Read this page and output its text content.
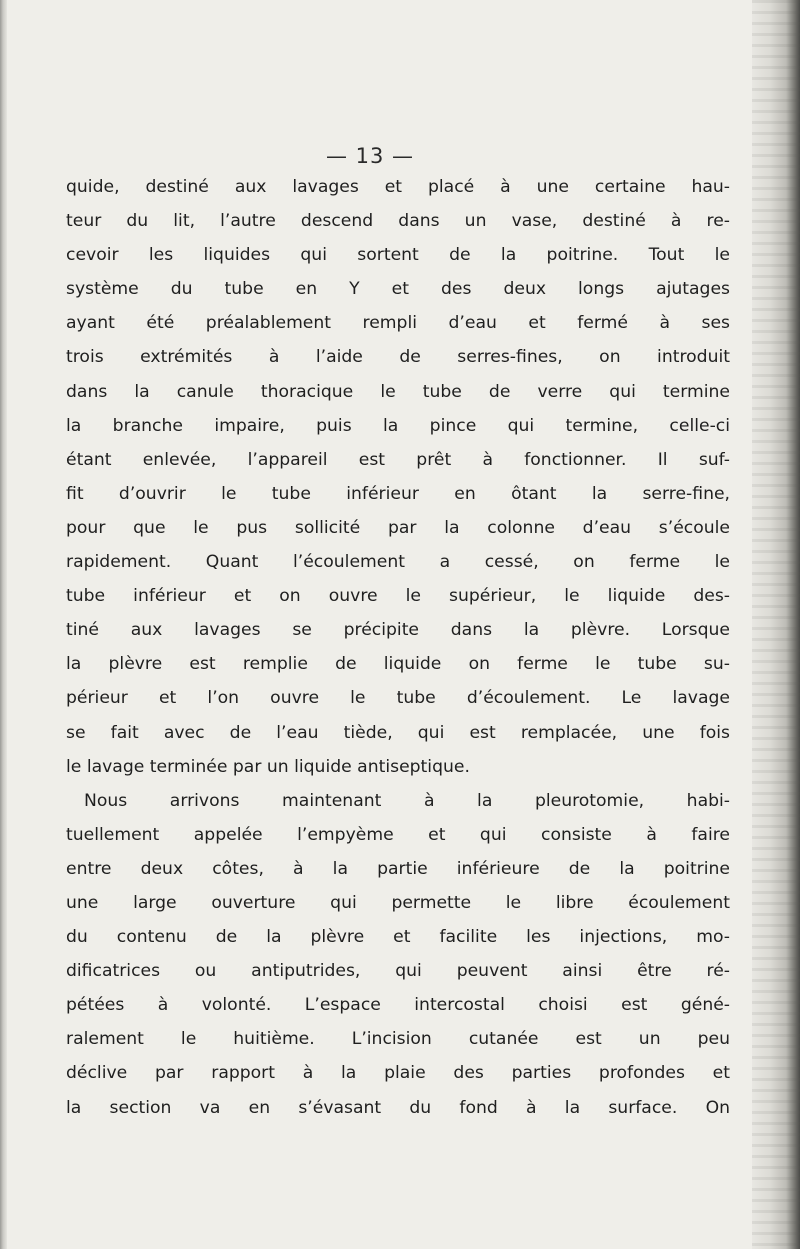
— 13 —
quide, destiné aux lavages et placé à une certaine hau-
teur du lit, l’autre descend dans un vase, destiné à re-
cevoir les liquides qui sortent de la poitrine. Tout le
système du tube en Y et des deux longs ajutages
ayant été préalablement rempli d’eau et fermé à ses
trois extrémités à l’aide de serres-fines, on introduit
dans la canule thoracique le tube de verre qui termine
la branche impaire, puis la pince qui termine, celle-ci
étant enlevée, l’appareil est prêt à fonctionner. Il suf-
fit d’ouvrir le tube inférieur en ôtant la serre-fine,
pour que le pus sollicité par la colonne d’eau s’écoule
rapidement. Quant l’écoulement a cessé, on ferme le
tube inférieur et on ouvre le supérieur, le liquide des-
tiné aux lavages se précipite dans la plèvre. Lorsque
la plèvre est remplie de liquide on ferme le tube su-
périeur et l’on ouvre le tube d’écoulement. Le lavage
se fait avec de l’eau tiède, qui est remplacée, une fois
le lavage terminée par un liquide antiseptique.
Nous arrivons maintenant à la pleurotomie, habi-
tuellement appelée l’empyème et qui consiste à faire
entre deux côtes, à la partie inférieure de la poitrine
une large ouverture qui permette le libre écoulement
du contenu de la plèvre et facilite les injections, mo-
dificatrices ou antiputrides, qui peuvent ainsi être ré-
pétées à volonté. L’espace intercostal choisi est géné-
ralement le huitième. L’incision cutanée est un peu
déclive par rapport à la plaie des parties profondes et
la section va en s’évasant du fond à la surface. On
